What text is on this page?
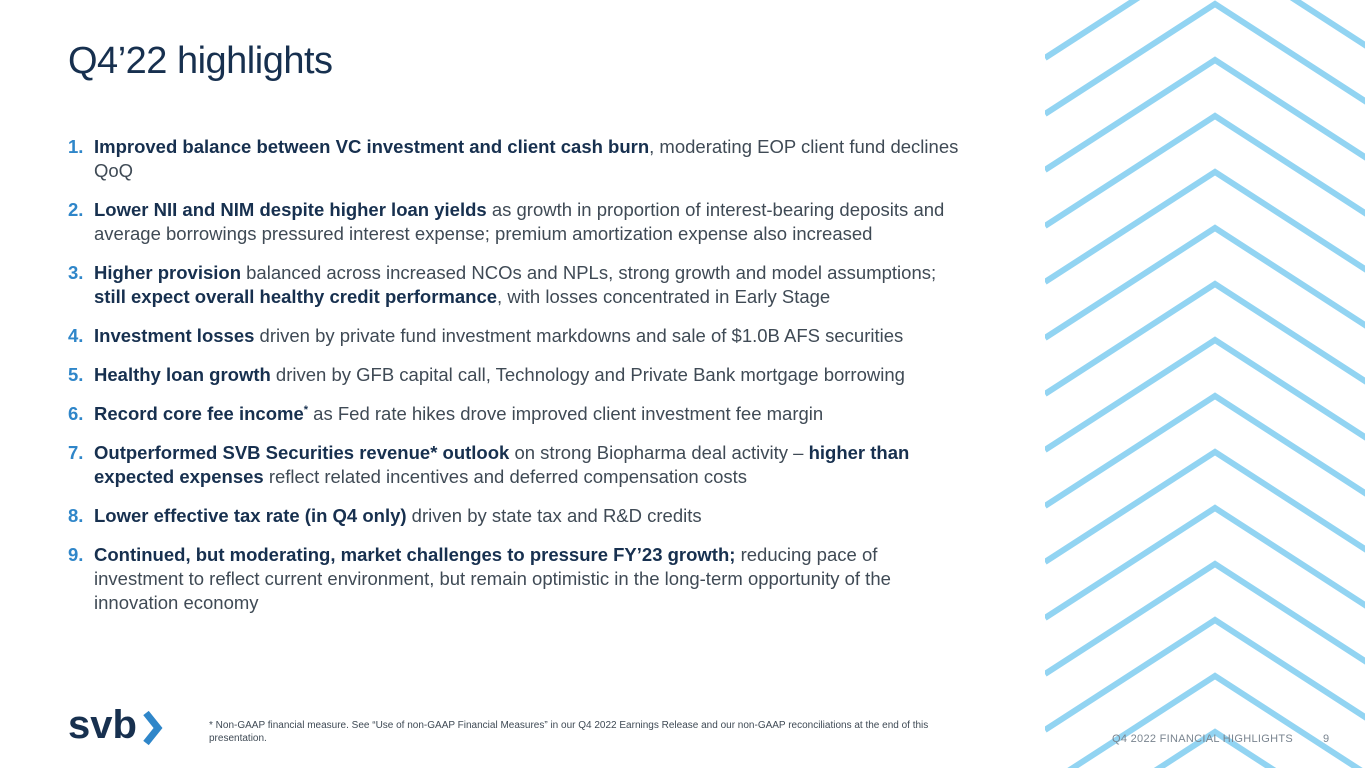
Q4’22 highlights
1. Improved balance between VC investment and client cash burn, moderating EOP client fund declines QoQ
2. Lower NII and NIM despite higher loan yields as growth in proportion of interest-bearing deposits and average borrowings pressured interest expense; premium amortization expense also increased
3. Higher provision balanced across increased NCOs and NPLs, strong growth and model assumptions; still expect overall healthy credit performance, with losses concentrated in Early Stage
4. Investment losses driven by private fund investment markdowns and sale of $1.0B AFS securities
5. Healthy loan growth driven by GFB capital call, Technology and Private Bank mortgage borrowing
6. Record core fee income* as Fed rate hikes drove improved client investment fee margin
7. Outperformed SVB Securities revenue* outlook on strong Biopharma deal activity – higher than expected expenses reflect related incentives and deferred compensation costs
8. Lower effective tax rate (in Q4 only) driven by state tax and R&D credits
9. Continued, but moderating, market challenges to pressure FY’23 growth; reducing pace of investment to reflect current environment, but remain optimistic in the long-term opportunity of the innovation economy
svb	* Non-GAAP financial measure. See “Use of non-GAAP Financial Measures” in our Q4 2022 Earnings Release and our non-GAAP reconciliations at the end of this presentation.	Q4 2022 FINANCIAL HIGHLIGHTS	9
